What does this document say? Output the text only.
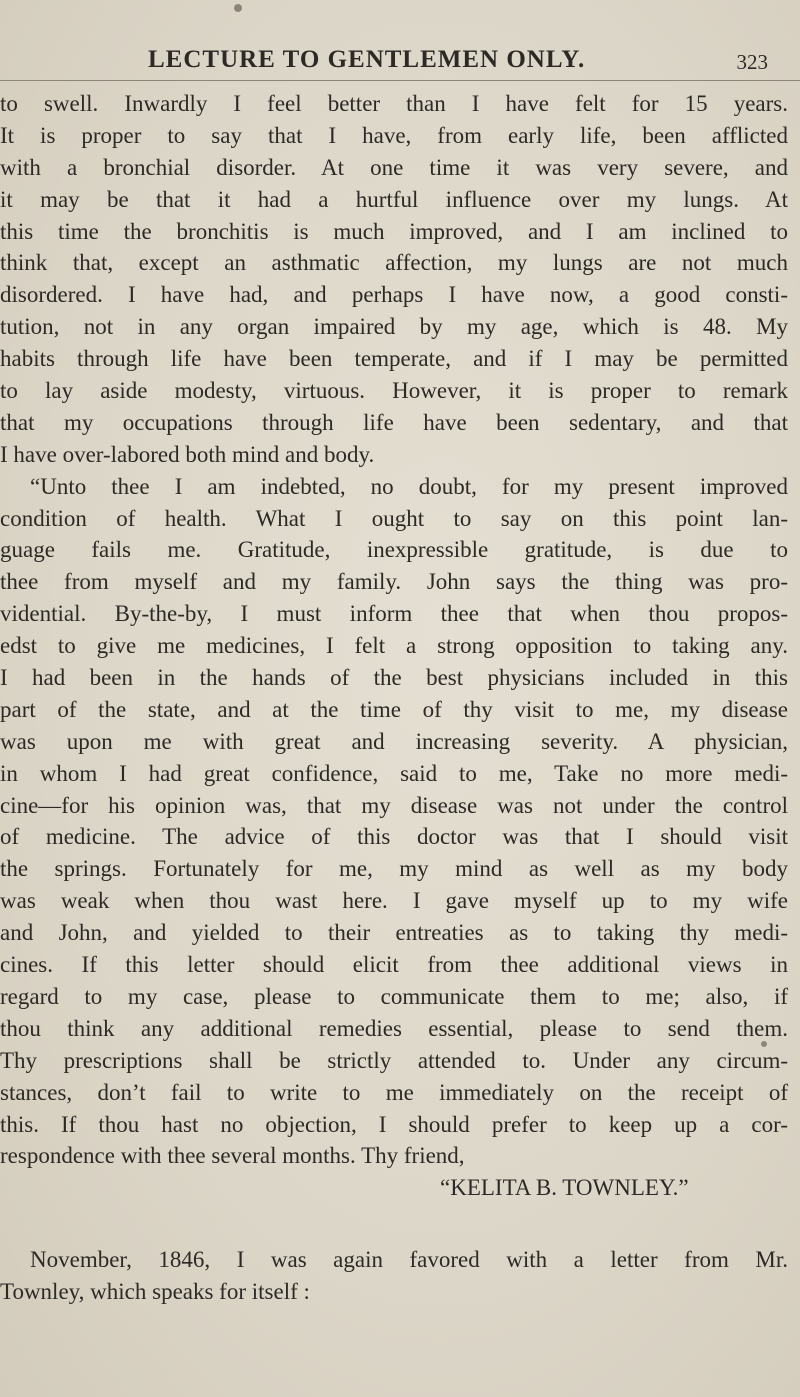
LECTURE TO GENTLEMEN ONLY.	323
to swell. Inwardly I feel better than I have felt for 15 years.
It is proper to say that I have, from early life, been afflicted
with a bronchial disorder. At one time it was very severe, and
it may be that it had a hurtful influence over my lungs. At
this time the bronchitis is much improved, and I am inclined to
think that, except an asthmatic affection, my lungs are not much
disordered. I have had, and perhaps I have now, a good consti-
tution, not in any organ impaired by my age, which is 48. My
habits through life have been temperate, and if I may be permitted
to lay aside modesty, virtuous. However, it is proper to remark
that my occupations through life have been sedentary, and that
I have over-labored both mind and body.
“Unto thee I am indebted, no doubt, for my present improved
condition of health. What I ought to say on this point lan-
guage fails me. Gratitude, inexpressible gratitude, is due to
thee from myself and my family. John says the thing was pro-
vidential. By-the-by, I must inform thee that when thou propos-
edst to give me medicines, I felt a strong opposition to taking any.
I had been in the hands of the best physicians included in this
part of the state, and at the time of thy visit to me, my disease
was upon me with great and increasing severity. A physician,
in whom I had great confidence, said to me, Take no more medi-
cine—for his opinion was, that my disease was not under the control
of medicine. The advice of this doctor was that I should visit
the springs. Fortunately for me, my mind as well as my body
was weak when thou wast here. I gave myself up to my wife
and John, and yielded to their entreaties as to taking thy medi-
cines. If this letter should elicit from thee additional views in
regard to my case, please to communicate them to me; also, if
thou think any additional remedies essential, please to send them.
Thy prescriptions shall be strictly attended to. Under any circum-
stances, don’t fail to write to me immediately on the receipt of
this. If thou hast no objection, I should prefer to keep up a cor-
respondence with thee several months. Thy friend,
“KELITA B. TOWNLEY.”
November, 1846, I was again favored with a letter from Mr.
Townley, which speaks for itself :
